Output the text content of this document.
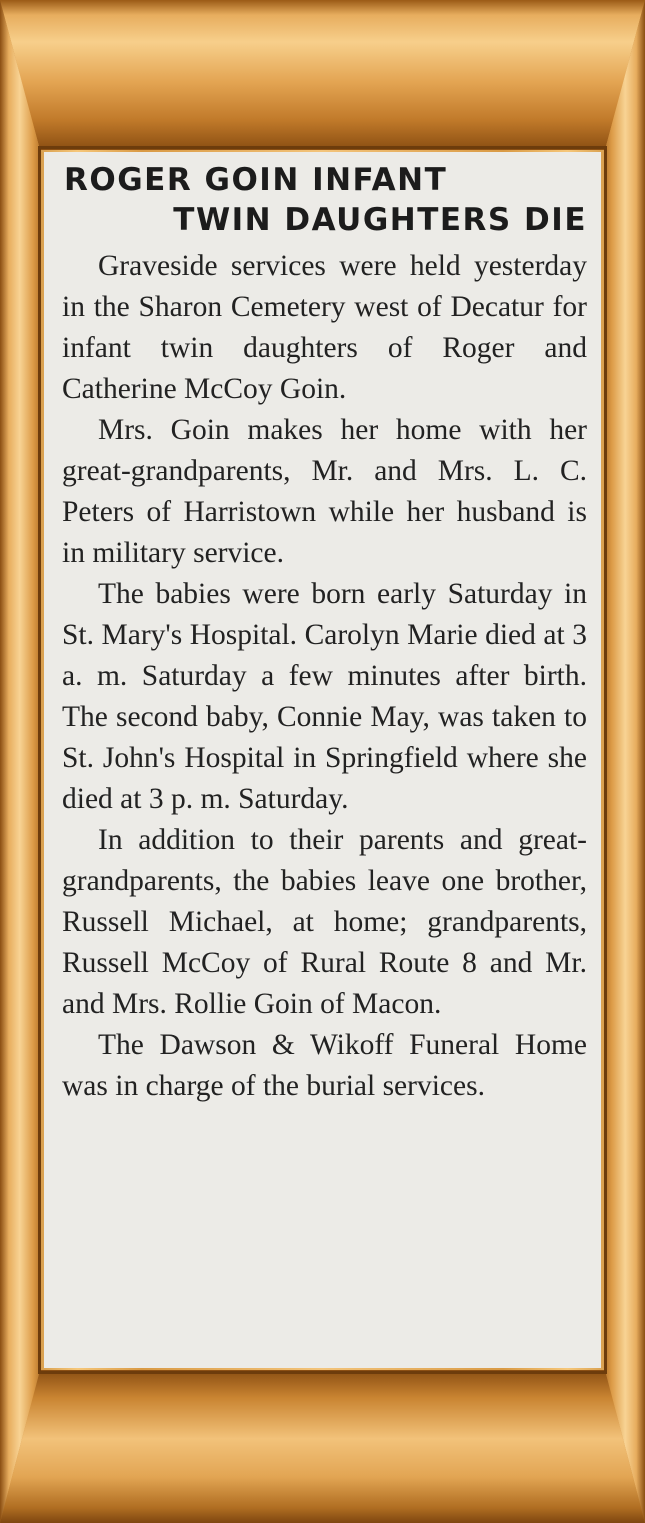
ROGER GOIN INFANT
TWIN DAUGHTERS DIE

Graveside services were held yesterday in the Sharon Cemetery west of Decatur for infant twin daughters of Roger and Catherine McCoy Goin.

Mrs. Goin makes her home with her great-grandparents, Mr. and Mrs. L. C. Peters of Harristown while her husband is in military service.

The babies were born early Saturday in St. Mary's Hospital. Carolyn Marie died at 3 a. m. Saturday a few minutes after birth. The second baby, Connie May, was taken to St. John's Hospital in Springfield where she died at 3 p. m. Saturday.

In addition to their parents and great-grandparents, the babies leave one brother, Russell Michael, at home; grandparents, Russell McCoy of Rural Route 8 and Mr. and Mrs. Rollie Goin of Macon.

The Dawson & Wikoff Funeral Home was in charge of the burial services.
